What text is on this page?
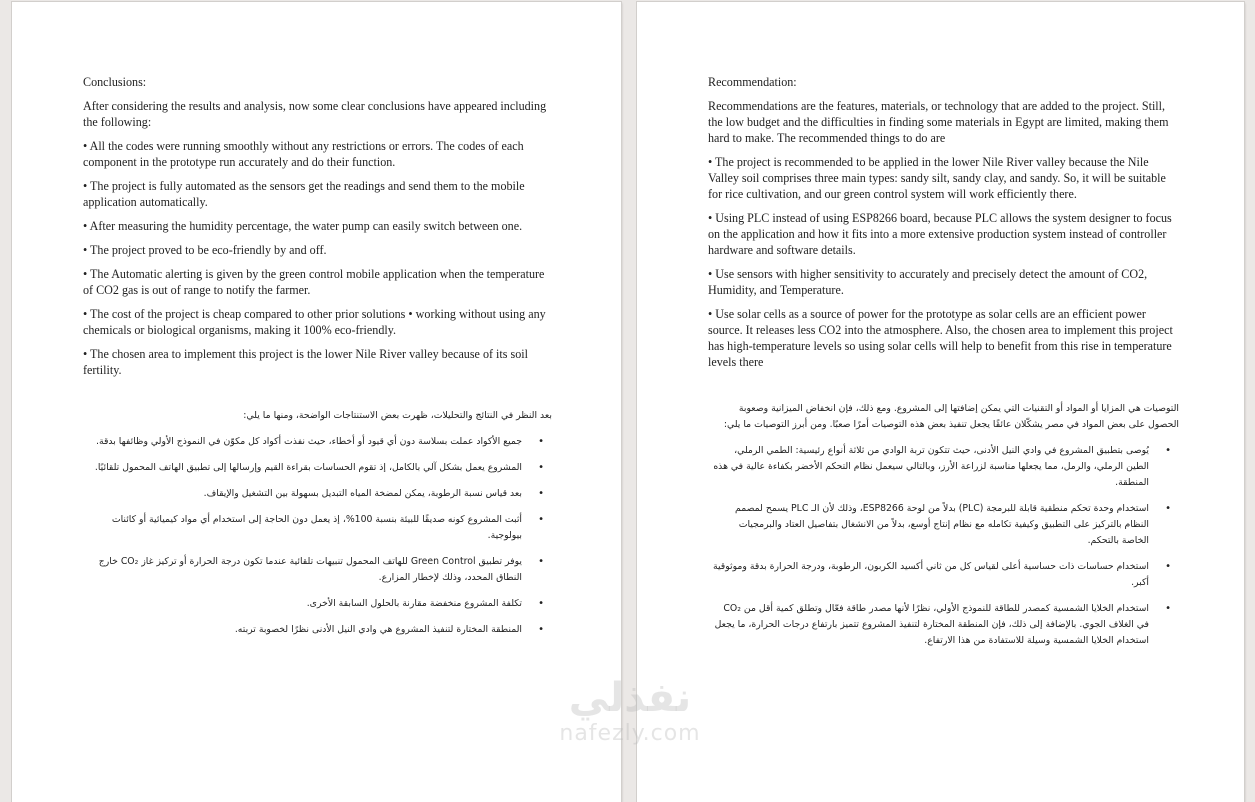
Conclusions:

After considering the results and analysis, now some clear conclusions have appeared including the following:

• All the codes were running smoothly without any restrictions or errors. The codes of each component in the prototype run accurately and do their function.

• The project is fully automated as the sensors get the readings and send them to the mobile application automatically.

• After measuring the humidity percentage, the water pump can easily switch between one.

• The project proved to be eco-friendly by and off.

• The Automatic alerting is given by the green control mobile application when the temperature of CO2 gas is out of range to notify the farmer.

• The cost of the project is cheap compared to other prior solutions • working without using any chemicals or biological organisms, making it 100% eco-friendly.

• The chosen area to implement this project is the lower Nile River valley because of its soil fertility.

بعد النظر في النتائج والتحليلات، ظهرت بعض الاستنتاجات الواضحة، ومنها ما يلي:

•
جميع الأكواد عملت بسلاسة دون أي قيود أو أخطاء، حيث نفذت أكواد كل مكوّن في النموذج الأولي وظائفها بدقة.
•
المشروع يعمل بشكل آلي بالكامل، إذ تقوم الحساسات بقراءة القيم وإرسالها إلى تطبيق الهاتف المحمول تلقائيًا.
•
بعد قياس نسبة الرطوبة، يمكن لمضخة المياه التبديل بسهولة بين التشغيل والإيقاف.
•
أثبت المشروع كونه صديقًا للبيئة بنسبة 100%، إذ يعمل دون الحاجة إلى استخدام أي مواد كيميائية أو كائنات بيولوجية.
•
يوفر تطبيق Green Control للهاتف المحمول تنبيهات تلقائية عندما تكون درجة الحرارة أو تركيز غاز CO₂ خارج النطاق المحدد، وذلك لإخطار المزارع.
•
تكلفة المشروع منخفضة مقارنة بالحلول السابقة الأخرى.
•
المنطقة المختارة لتنفيذ المشروع هي وادي النيل الأدنى نظرًا لخصوبة تربته.

Recommendation:

Recommendations are the features, materials, or technology that are added to the project. Still, the low budget and the difficulties in finding some materials in Egypt are limited, making them hard to make. The recommended things to do are

• The project is recommended to be applied in the lower Nile River valley because the Nile Valley soil comprises three main types: sandy silt, sandy clay, and sandy. So, it will be suitable for rice cultivation, and our green control system will work efficiently there.

• Using PLC instead of using ESP8266 board, because PLC allows the system designer to focus on the application and how it fits into a more extensive production system instead of controller hardware and software details.

• Use sensors with higher sensitivity to accurately and precisely detect the amount of CO2, Humidity, and Temperature.

• Use solar cells as a source of power for the prototype as solar cells are an efficient power source. It releases less CO2 into the atmosphere. Also, the chosen area to implement this project has high-temperature levels so using solar cells will help to benefit from this rise in temperature levels there

التوصيات هي المزايا أو المواد أو التقنيات التي يمكن إضافتها إلى المشروع. ومع ذلك، فإن انخفاض الميزانية وصعوبة الحصول على بعض المواد في مصر يشكّلان عائقًا يجعل تنفيذ بعض هذه التوصيات أمرًا صعبًا. ومن أبرز التوصيات ما يلي:

•
يُوصى بتطبيق المشروع في وادي النيل الأدنى، حيث تتكون تربة الوادي من ثلاثة أنواع رئيسية: الطمي الرملي، الطين الرملي، والرمل، مما يجعلها مناسبة لزراعة الأرز، وبالتالي سيعمل نظام التحكم الأخضر بكفاءة عالية في هذه المنطقة.
•
استخدام وحدة تحكم منطقية قابلة للبرمجة (PLC) بدلاً من لوحة ESP8266، وذلك لأن الـ PLC يسمح لمصمم النظام بالتركيز على التطبيق وكيفية تكامله مع نظام إنتاج أوسع، بدلاً من الانشغال بتفاصيل العتاد والبرمجيات الخاصة بالتحكم.
•
استخدام حساسات ذات حساسية أعلى لقياس كل من ثاني أكسيد الكربون، الرطوبة، ودرجة الحرارة بدقة وموثوقية أكبر.
•
استخدام الخلايا الشمسية كمصدر للطاقة للنموذج الأولي، نظرًا لأنها مصدر طاقة فعّال وتطلق كمية أقل من CO₂ في الغلاف الجوي. بالإضافة إلى ذلك، فإن المنطقة المختارة لتنفيذ المشروع تتميز بارتفاع درجات الحرارة، ما يجعل استخدام الخلايا الشمسية وسيلة للاستفادة من هذا الارتفاع.
نفذلي
nafezly.com
